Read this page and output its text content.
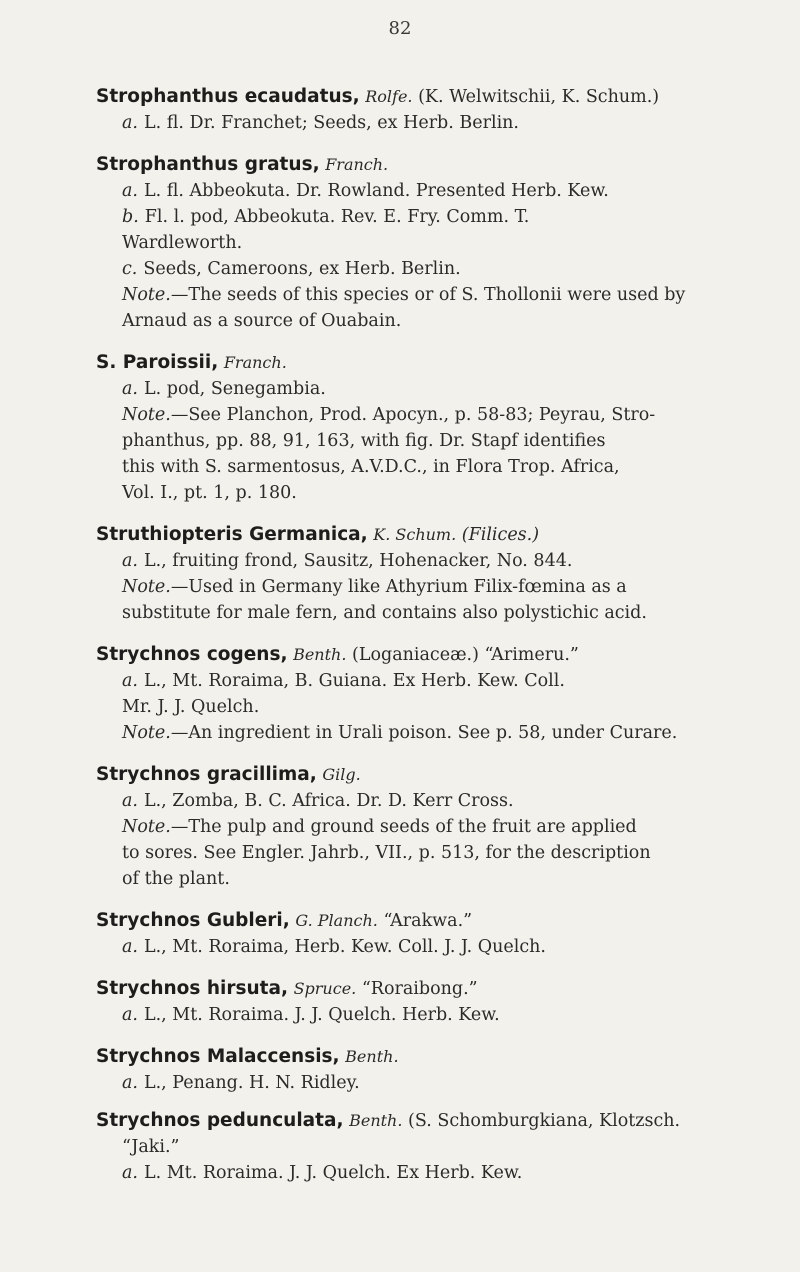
82
Strophanthus ecaudatus, Rolfe. (K. Welwitschii, K. Schum.)
a. L. fl. Dr. Franchet; Seeds, ex Herb. Berlin.
Strophanthus gratus, Franch.
a. L. fl. Abbeokuta. Dr. Rowland. Presented Herb. Kew.
b. Fl. l. pod, Abbeokuta. Rev. E. Fry. Comm. T.
Wardleworth.
c. Seeds, Cameroons, ex Herb. Berlin.
Note.—The seeds of this species or of S. Thollonii were used by
Arnaud as a source of Ouabain.
S. Paroissii, Franch.
a. L. pod, Senegambia.
Note.—See Planchon, Prod. Apocyn., p. 58-83; Peyrau, Stro-
phanthus, pp. 88, 91, 163, with fig. Dr. Stapf identifies
this with S. sarmentosus, A.V.D.C., in Flora Trop. Africa,
Vol. I., pt. 1, p. 180.
Struthiopteris Germanica, K. Schum. (Filices.)
a. L., fruiting frond, Sausitz, Hohenacker, No. 844.
Note.—Used in Germany like Athyrium Filix-fœmina as a
substitute for male fern, and contains also polystichic acid.
Strychnos cogens, Benth. (Loganiaceæ.) “Arimeru.”
a. L., Mt. Roraima, B. Guiana. Ex Herb. Kew. Coll.
Mr. J. J. Quelch.
Note.—An ingredient in Urali poison. See p. 58, under Curare.
Strychnos gracillima, Gilg.
a. L., Zomba, B. C. Africa. Dr. D. Kerr Cross.
Note.—The pulp and ground seeds of the fruit are applied
to sores. See Engler. Jahrb., VII., p. 513, for the description
of the plant.
Strychnos Gubleri, G. Planch. “Arakwa.”
a. L., Mt. Roraima, Herb. Kew. Coll. J. J. Quelch.
Strychnos hirsuta, Spruce. “Roraibong.”
a. L., Mt. Roraima. J. J. Quelch. Herb. Kew.
Strychnos Malaccensis, Benth.
a. L., Penang. H. N. Ridley.
Strychnos pedunculata, Benth. (S. Schomburgkiana, Klotzsch.
“Jaki.”
a. L. Mt. Roraima. J. J. Quelch. Ex Herb. Kew.
